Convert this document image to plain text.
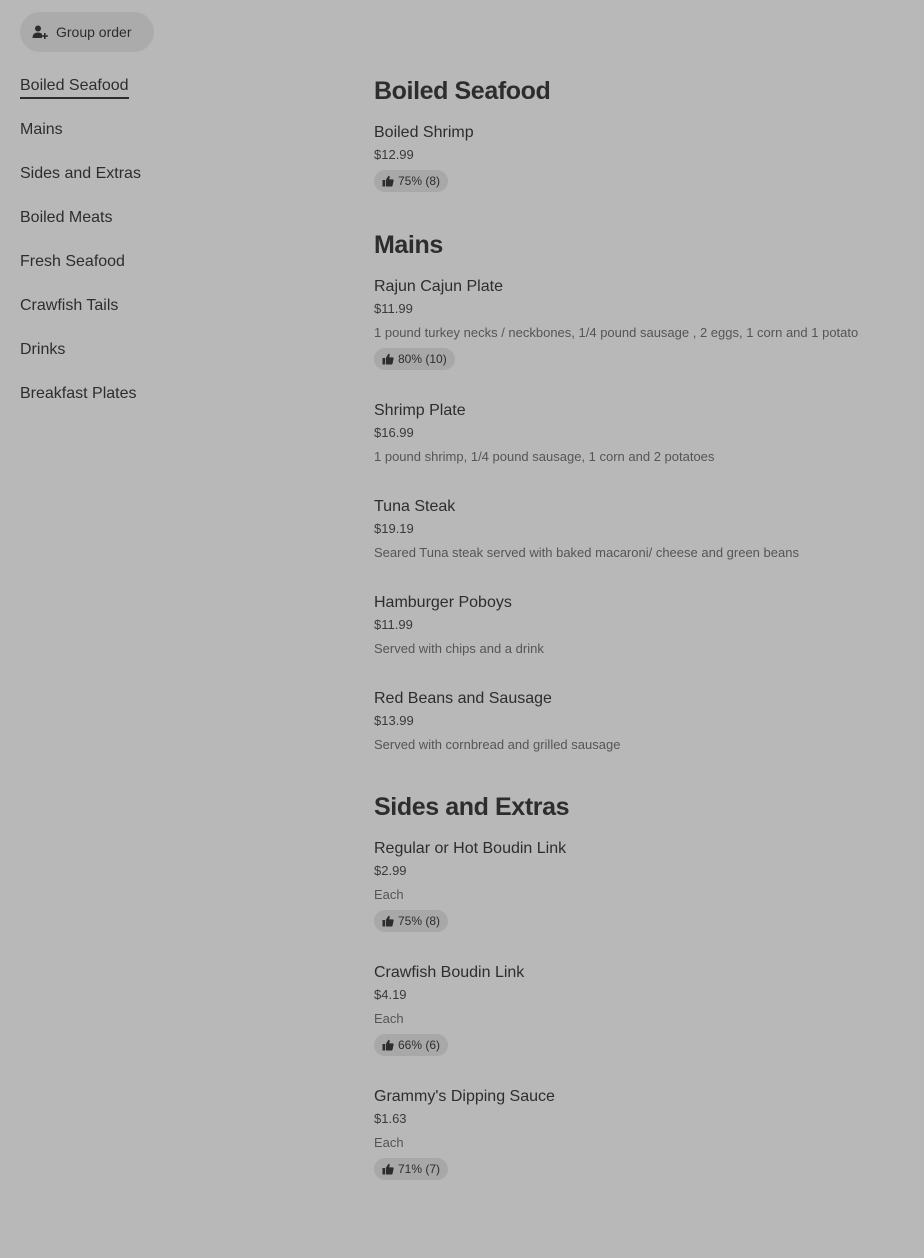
Group order
Boiled Seafood
Mains
Sides and Extras
Boiled Meats
Fresh Seafood
Crawfish Tails
Drinks
Breakfast Plates
Boiled Seafood
Boiled Shrimp
$12.99
75% (8)
Mains
Rajun Cajun Plate
$11.99
1 pound turkey necks / neckbones, 1/4 pound sausage , 2 eggs, 1 corn and 1 potato
80% (10)
Shrimp Plate
$16.99
1 pound shrimp, 1/4 pound sausage, 1 corn and 2 potatoes
Tuna Steak
$19.19
Seared Tuna steak served with baked macaroni/ cheese and green beans
Hamburger Poboys
$11.99
Served with chips and a drink
Red Beans and Sausage
$13.99
Served with cornbread and grilled sausage
Sides and Extras
Regular or Hot Boudin Link
$2.99
Each
75% (8)
Crawfish Boudin Link
$4.19
Each
66% (6)
Grammy's Dipping Sauce
$1.63
Each
71% (7)
